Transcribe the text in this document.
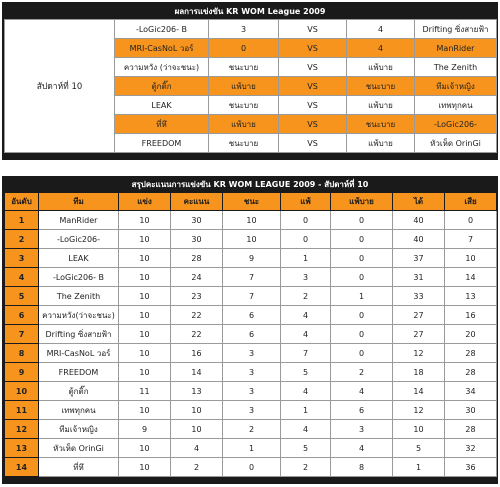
ผลการแข่งขัน KR WOM League 2009
สัปดาห์ที่ 10	-LoGic206- B	3	VS	4	Drifting ซิ่งสายฟ้า
	MRI-CasNoL วอร์	0	VS	4	ManRider
	ความหวัง (ว่าจะชนะ)	ชนะบาย	VS	แพ้บาย	The Zenith
	ตู้กติ๊ก	แพ้บาย	VS	ชนะบาย	ทีมเจ้าหญิง
	LEAK	ชนะบาย	VS	แพ้บาย	เทพทุกคน
	ที่หึ	แพ้บาย	VS	ชนะบาย	-LoGic206-
	FREEDOM	ชนะบาย	VS	แพ้บาย	หัวเห็ด OrinGi
สรุปคะแนนการแข่งขัน KR WOM LEAGUE 2009 - สัปดาห์ที่ 10
อันดับ	ทีม	แข่ง	คะแนน	ชนะ	แพ้	แพ้บาย	ได้	เสีย
1	ManRider	10	30	10	0	0	40	0
2	-LoGic206-	10	30	10	0	0	40	7
3	LEAK	10	28	9	1	0	37	10
4	-LoGic206- B	10	24	7	3	0	31	14
5	The Zenith	10	23	7	2	1	33	13
6	ความหวัง(ว่าจะชนะ)	10	22	6	4	0	27	16
7	Drifting ซิ่งสายฟ้า	10	22	6	4	0	27	20
8	MRI-CasNoL วอร์	10	16	3	7	0	12	28
9	FREEDOM	10	14	3	5	2	18	28
10	ตู้กติ๊ก	11	13	3	4	4	14	34
11	เทพทุกคน	10	10	3	1	6	12	30
12	ทีมเจ้าหญิง	9	10	2	4	3	10	28
13	หัวเห็ด OrinGi	10	4	1	5	4	5	32
14	ที่หึ	10	2	0	2	8	1	36
